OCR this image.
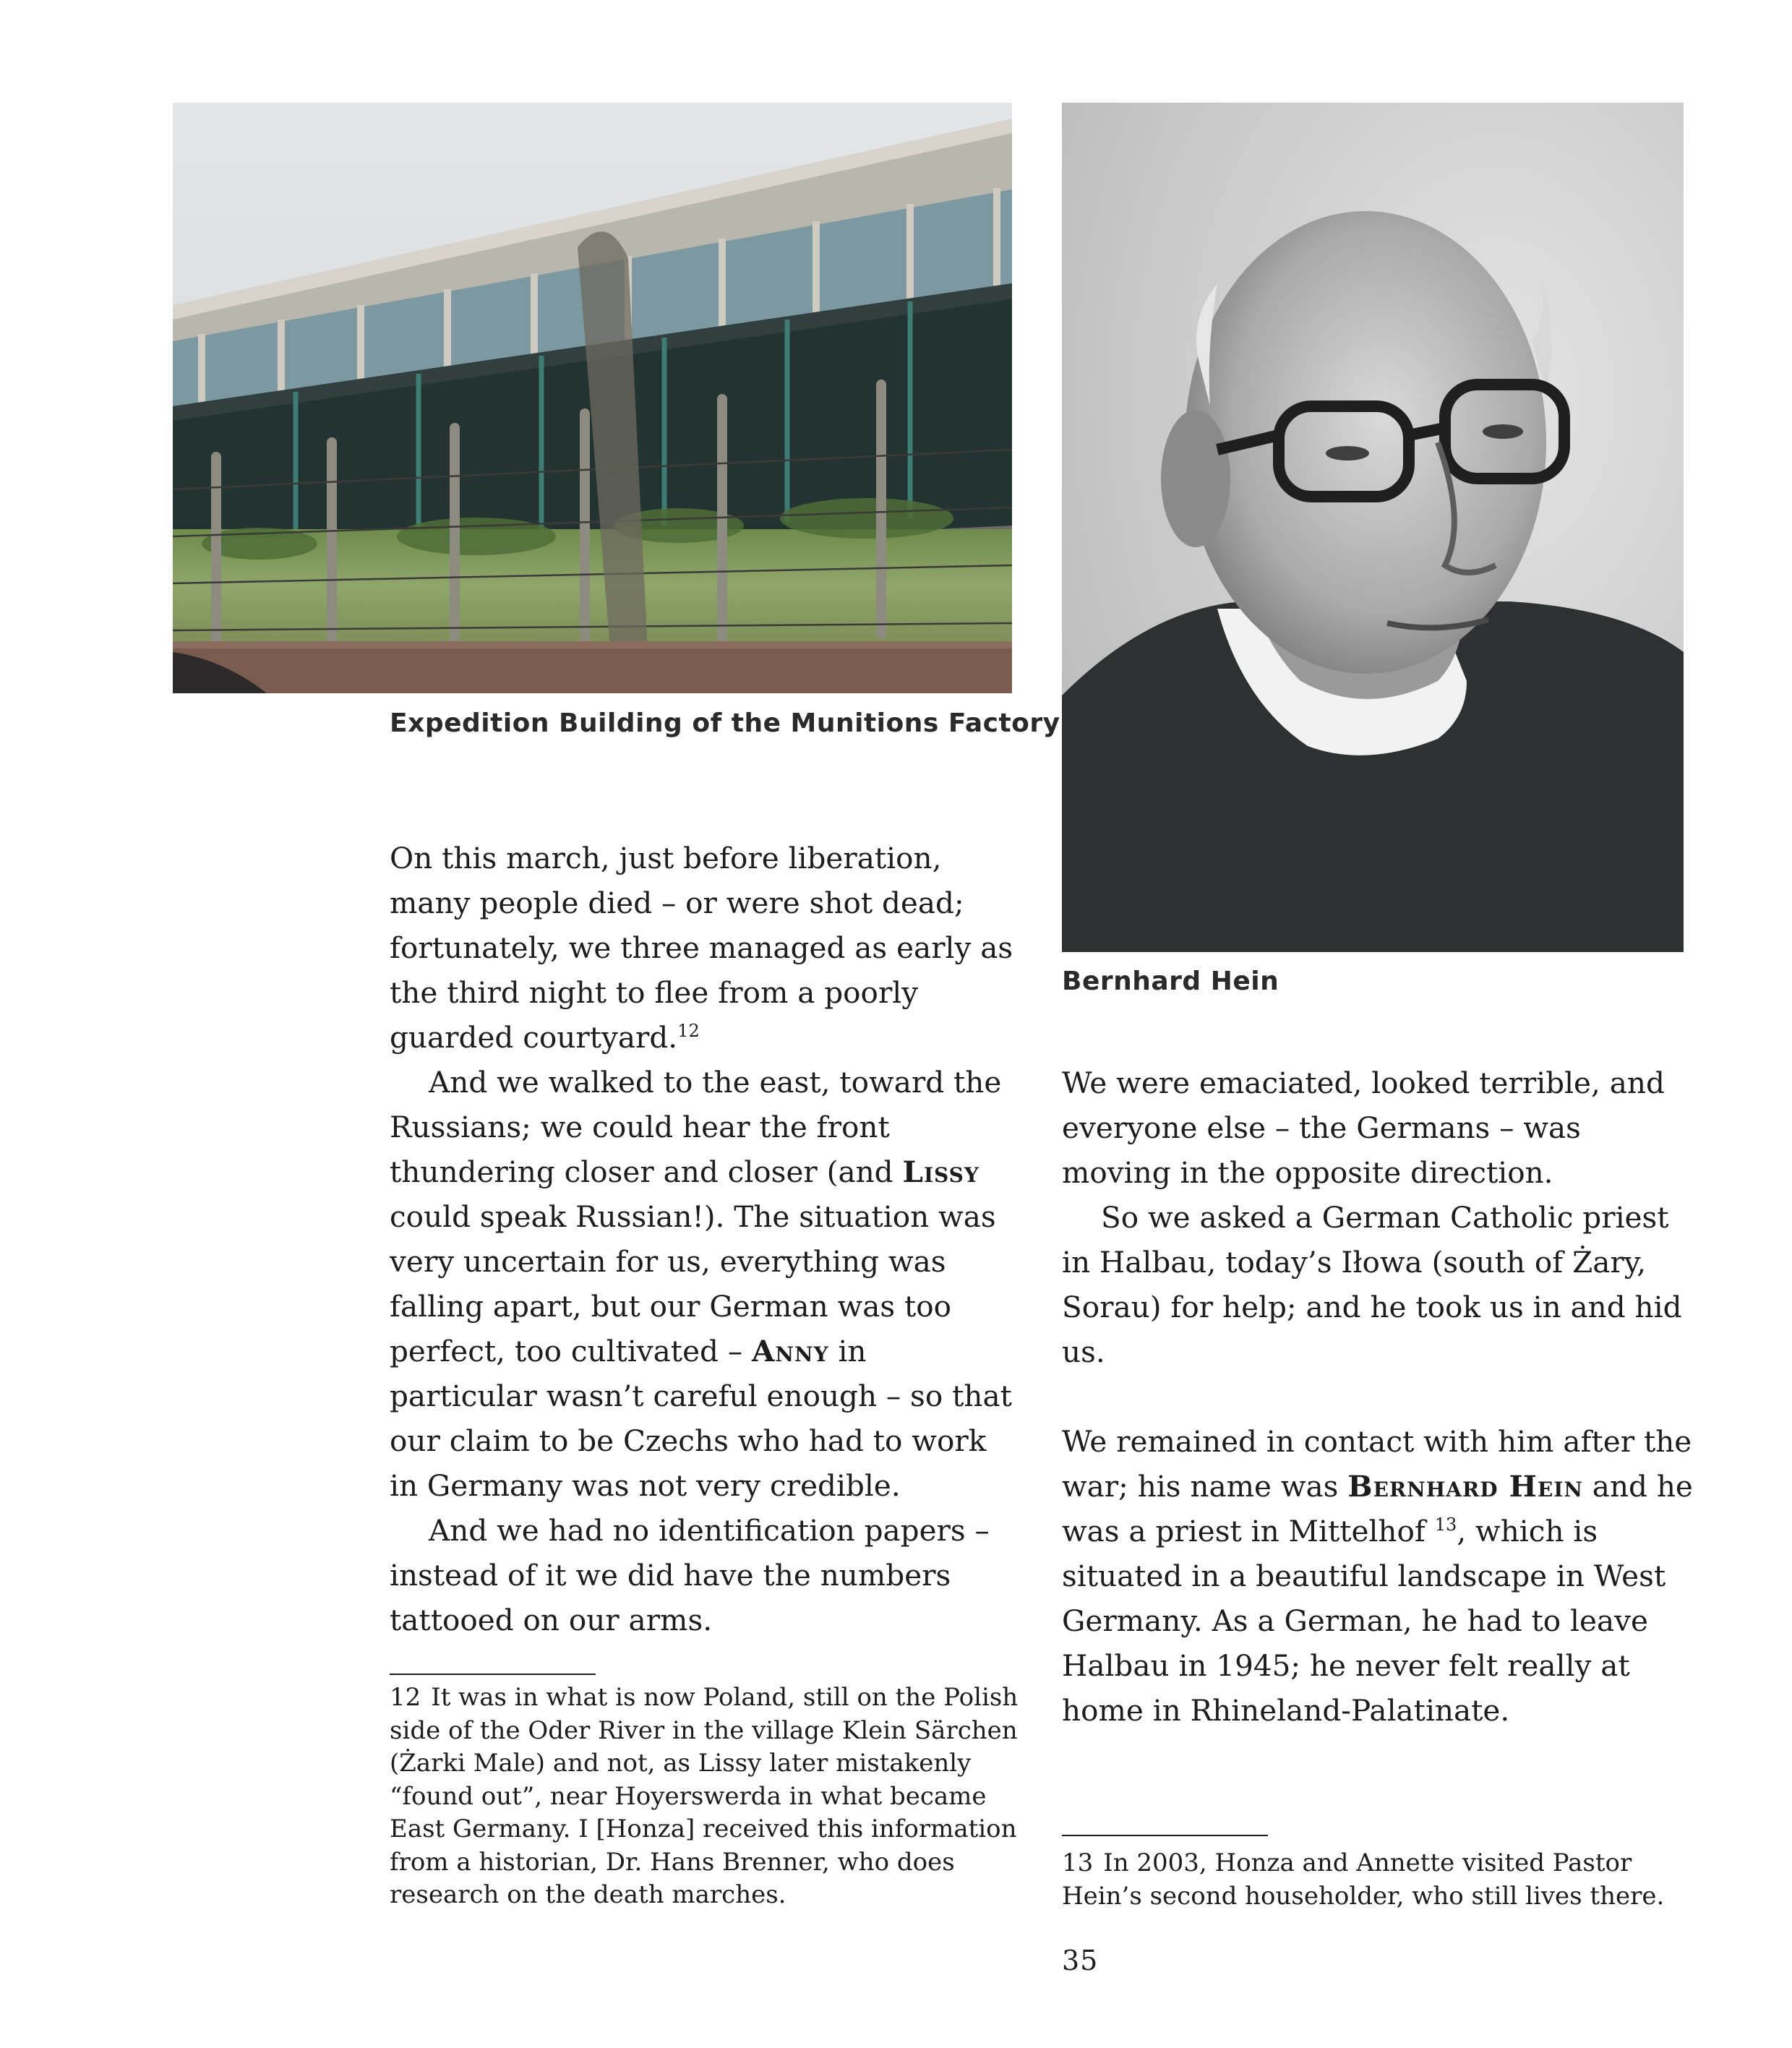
Expedition Building of the Munitions Factory
Bernhard Hein

On this march, just before liberation, many people died – or were shot dead; fortunately, we three managed as early as the third night to flee from a poorly guarded courtyard.$^{12}$

And we walked to the east, toward the Russians; we could hear the front thundering closer and closer (and Lissy could speak Russian!). The situation was very uncertain for us, everything was falling apart, but our German was too perfect, too cultivated – Anny in particular wasn’t careful enough – so that our claim to be Czechs who had to work in Germany was not very credible.

And we had no identification papers – instead of it we did have the numbers tattooed on our arms.

We were emaciated, looked terrible, and everyone else – the Germans – was moving in the opposite direction.

So we asked a German Catholic priest in Halbau, today’s Iłowa (south of Żary, Sorau) for help; and he took us in and hid us.

We remained in contact with him after the war; his name was Bernhard Hein and he was a priest in Mittelhof $^{13}$, which is situated in a beautiful landscape in West Germany. As a German, he had to leave Halbau in 1945; he never felt really at home in Rhineland-Palatinate.

12 It was in what is now Poland, still on the Polish side of the Oder River in the village Klein Särchen (Żarki Male) and not, as Lissy later mistakenly “found out”, near Hoyerswerda in what became East Germany. I [Honza] received this information from a historian, Dr. Hans Brenner, who does research on the death marches.

13 In 2003, Honza and Annette visited Pastor Hein’s second householder, who still lives there.

35
